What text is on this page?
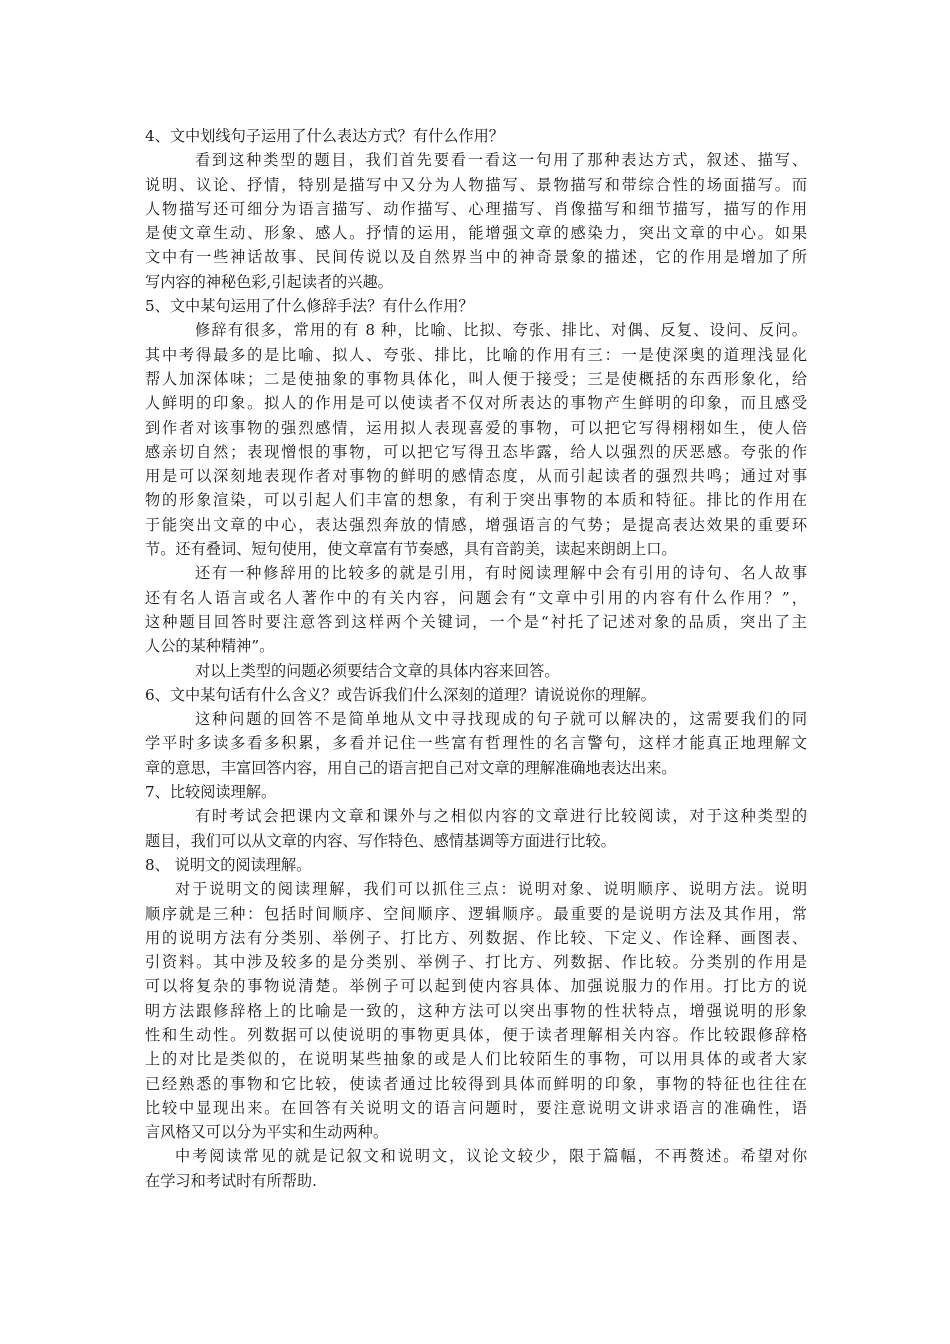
4、文中划线句子运用了什么表达方式？有什么作用？
看到这种类型的题目，我们首先要看一看这一句用了那种表达方式，叙述、描写、
说明、议论、抒情，特别是描写中又分为人物描写、景物描写和带综合性的场面描写。而
人物描写还可细分为语言描写、动作描写、心理描写、肖像描写和细节描写，描写的作用
是使文章生动、形象、感人。抒情的运用，能增强文章的感染力，突出文章的中心。如果
文中有一些神话故事、民间传说以及自然界当中的神奇景象的描述，它的作用是增加了所
写内容的神秘色彩,引起读者的兴趣。
5、文中某句运用了什么修辞手法？有什么作用？
修辞有很多，常用的有 8 种，比喻、比拟、夸张、排比、对偶、反复、设问、反问。
其中考得最多的是比喻、拟人、夸张、排比，比喻的作用有三：一是使深奥的道理浅显化
帮人加深体味；二是使抽象的事物具体化，叫人便于接受；三是使概括的东西形象化，给
人鲜明的印象。拟人的作用是可以使读者不仅对所表达的事物产生鲜明的印象，而且感受
到作者对该事物的强烈感情，运用拟人表现喜爱的事物，可以把它写得栩栩如生，使人倍
感亲切自然；表现憎恨的事物，可以把它写得丑态毕露，给人以强烈的厌恶感。夸张的作
用是可以深刻地表现作者对事物的鲜明的感情态度，从而引起读者的强烈共鸣；通过对事
物的形象渲染，可以引起人们丰富的想象，有利于突出事物的本质和特征。排比的作用在
于能突出文章的中心，表达强烈奔放的情感，增强语言的气势；是提高表达效果的重要环
节。还有叠词、短句使用，使文章富有节奏感，具有音韵美，读起来朗朗上口。
还有一种修辞用的比较多的就是引用，有时阅读理解中会有引用的诗句、名人故事
还有名人语言或名人著作中的有关内容，问题会有“文章中引用的内容有什么作用？”，
这种题目回答时要注意答到这样两个关键词，一个是“衬托了记述对象的品质，突出了主
人公的某种精神”。
对以上类型的问题必须要结合文章的具体内容来回答。
6、文中某句话有什么含义？或告诉我们什么深刻的道理？请说说你的理解。
这种问题的回答不是简单地从文中寻找现成的句子就可以解决的，这需要我们的同
学平时多读多看多积累，多看并记住一些富有哲理性的名言警句，这样才能真正地理解文
章的意思，丰富回答内容，用自己的语言把自己对文章的理解准确地表达出来。
7、比较阅读理解。
有时考试会把课内文章和课外与之相似内容的文章进行比较阅读，对于这种类型的
题目，我们可以从文章的内容、写作特色、感情基调等方面进行比较。
8、 说明文的阅读理解。
对于说明文的阅读理解，我们可以抓住三点：说明对象、说明顺序、说明方法。说明
顺序就是三种：包括时间顺序、空间顺序、逻辑顺序。最重要的是说明方法及其作用，常
用的说明方法有分类别、举例子、打比方、列数据、作比较、下定义、作诠释、画图表、
引资料。其中涉及较多的是分类别、举例子、打比方、列数据、作比较。分类别的作用是
可以将复杂的事物说清楚。举例子可以起到使内容具体、加强说服力的作用。打比方的说
明方法跟修辞格上的比喻是一致的，这种方法可以突出事物的性状特点，增强说明的形象
性和生动性。列数据可以使说明的事物更具体，便于读者理解相关内容。作比较跟修辞格
上的对比是类似的，在说明某些抽象的或是人们比较陌生的事物，可以用具体的或者大家
已经熟悉的事物和它比较，使读者通过比较得到具体而鲜明的印象，事物的特征也往往在
比较中显现出来。在回答有关说明文的语言问题时，要注意说明文讲求语言的准确性，语
言风格又可以分为平实和生动两种。
中考阅读常见的就是记叙文和说明文，议论文较少，限于篇幅，不再赘述。希望对你
在学习和考试时有所帮助.
